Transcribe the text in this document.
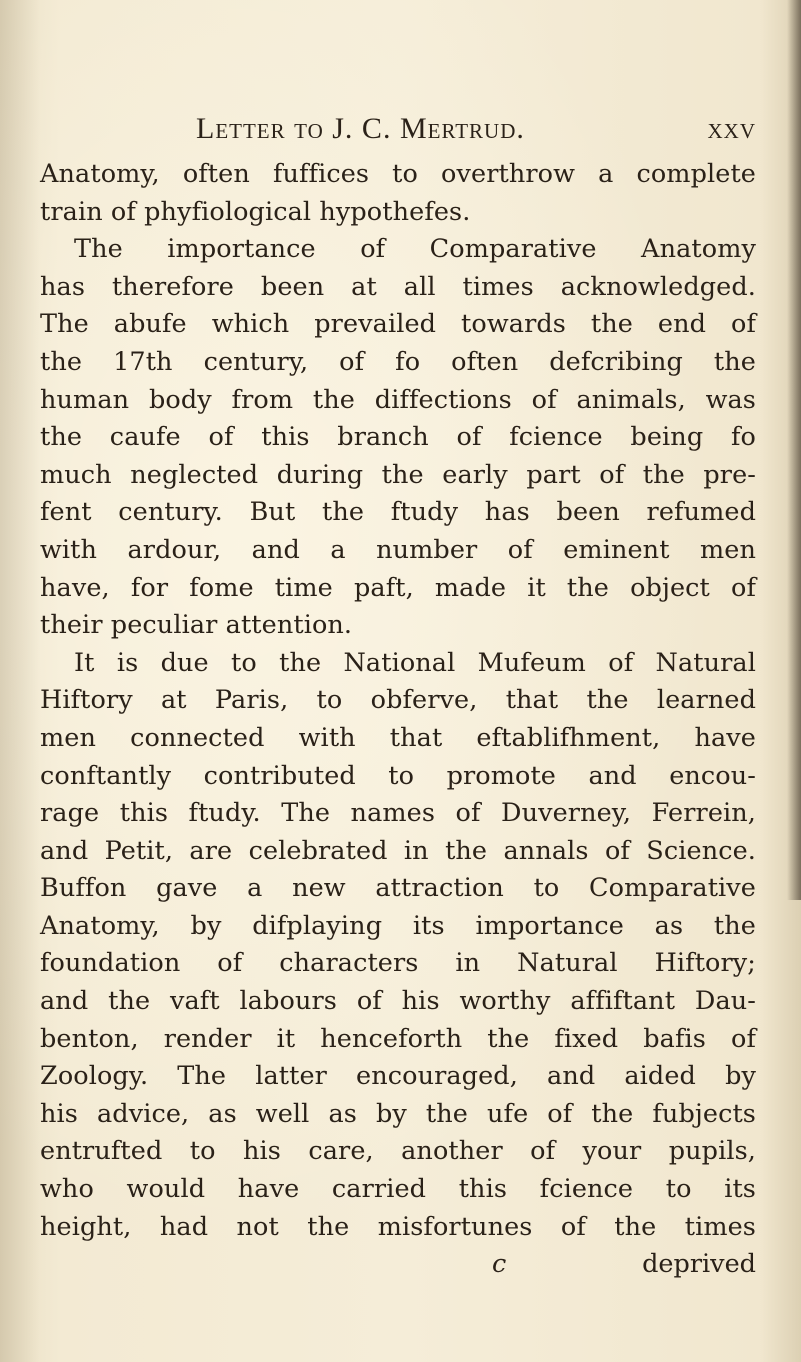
Letter to J. C. Mertrud.	xxv
Anatomy, often fuffices to overthrow a complete
train of phyfiological hypothefes.
The importance of Comparative Anatomy
has therefore been at all times acknowledged.
The abufe which prevailed towards the end of
the 17th century, of fo often defcribing the
human body from the diffections of animals, was
the caufe of this branch of fcience being fo
much neglected during the early part of the pre-
fent century. But the ftudy has been refumed
with ardour, and a number of eminent men
have, for fome time paft, made it the object of
their peculiar attention.
It is due to the National Mufeum of Natural
Hiftory at Paris, to obferve, that the learned
men connected with that eftablifhment, have
conftantly contributed to promote and encou-
rage this ftudy. The names of Duverney, Ferrein,
and Petit, are celebrated in the annals of Science.
Buffon gave a new attraction to Comparative
Anatomy, by difplaying its importance as the
foundation of characters in Natural Hiftory;
and the vaft labours of his worthy affiftant Dau-
benton, render it henceforth the fixed bafis of
Zoology. The latter encouraged, and aided by
his advice, as well as by the ufe of the fubjects
entrufted to his care, another of your pupils,
who would have carried this fcience to its
height, had not the misfortunes of the times
c	deprived
